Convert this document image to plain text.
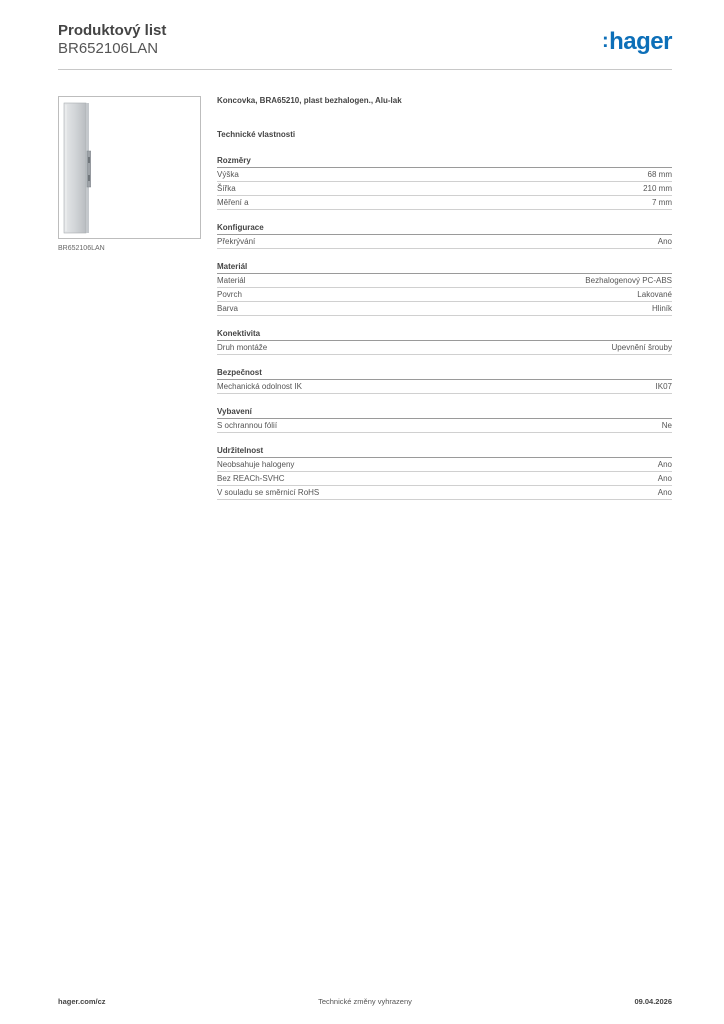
Produktový list
BR652106LAN	:hager
BR652106LAN
Koncovka, BRA65210, plast bezhalogen., Alu-lak
Technické vlastnosti
Rozměry
Výška	68 mm
Šířka	210 mm
Měření a	7 mm
Konfigurace
Překrývání	Ano
Materiál
Materiál	Bezhalogenový PC-ABS
Povrch	Lakované
Barva	Hliník
Konektivita
Druh montáže	Upevnění šrouby
Bezpečnost
Mechanická odolnost IK	IK07
Vybavení
S ochrannou fólií	Ne
Udržitelnost
Neobsahuje halogeny	Ano
Bez REACh-SVHC	Ano
V souladu se směrnicí RoHS	Ano
hager.com/cz	Technické změny vyhrazeny	09.04.2026
